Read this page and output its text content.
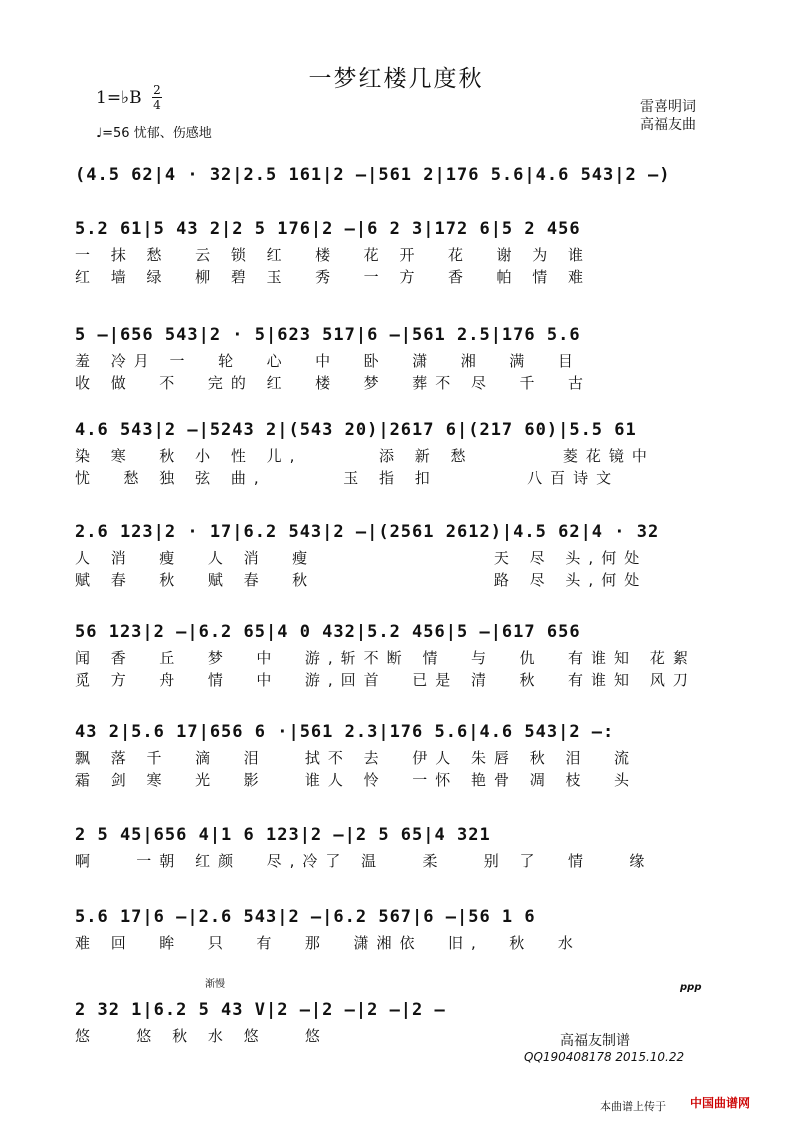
一梦红楼几度秋
1=♭B 2
4
♩=56 忧郁、伤感地
雷喜明词
高福友曲
(4.5 62|4 · 32|2.5 161|2 –|561 2|176 5.6|4.6 543|2 –)
5.2 61|5 43 2|2 5 176|2 –|6 2 3|172 6|5 2 456
一 抹 愁  云 锁 红  楼  花 开  花  谢 为 谁
红 墙 绿  柳 碧 玉  秀  一 方  香  帕 情 难
5 –|656 543|2 · 5|623 517|6 –|561 2.5|176 5.6
羞 冷月 一  轮  心  中  卧  潇  湘  满  目
收 做  不  完的 红  楼  梦  葬不 尽  千  古
4.6 543|2 –|5243 2|(543 20)|2617 6|(217 60)|5.5 61
染 寒  秋 小 性 儿,      添 新 愁       菱花镜中
忧  愁 独 弦 曲,      玉 指 扣       八百诗文
2.6 123|2 · 17|6.2 543|2 –|(2561 2612)|4.5 62|4 · 32
人 消  瘦  人 消  瘦              天 尽 头,何处
赋 春  秋  赋 春  秋              路 尽 头,何处
56 123|2 –|6.2 65|4 0 432|5.2 456|5 –|617 656
闻 香  丘  梦  中  游,斩不断 情  与  仇  有谁知 花絮
觅 方  舟  情  中  游,回首  已是 清  秋  有谁知 风刀
43 2|5.6 17|656 6 ·|561 2.3|176 5.6|4.6 543|2 –:
飘 落 千  滴  泪   拭不 去  伊人 朱唇 秋 泪  流
霜 剑 寒  光  影   谁人 怜  一怀 艳骨 凋 枝  头
2 5 45|656 4|1 6 123|2 –|2 5 65|4 321
啊   一朝 红颜  尽,冷了 温   柔   别 了  情   缘
5.6 17|6 –|2.6 543|2 –|6.2 567|6 –|56 1 6
难 回  眸  只  有  那  潇湘依  旧,  秋  水
2 32 1|6.2 5 43 V|2 –|2 –|2 –|2 –
悠   悠 秋 水 悠   悠
渐慢	ppp
高福友制谱
QQ190408178 2015.10.22
本曲谱上传于 中国曲谱网
